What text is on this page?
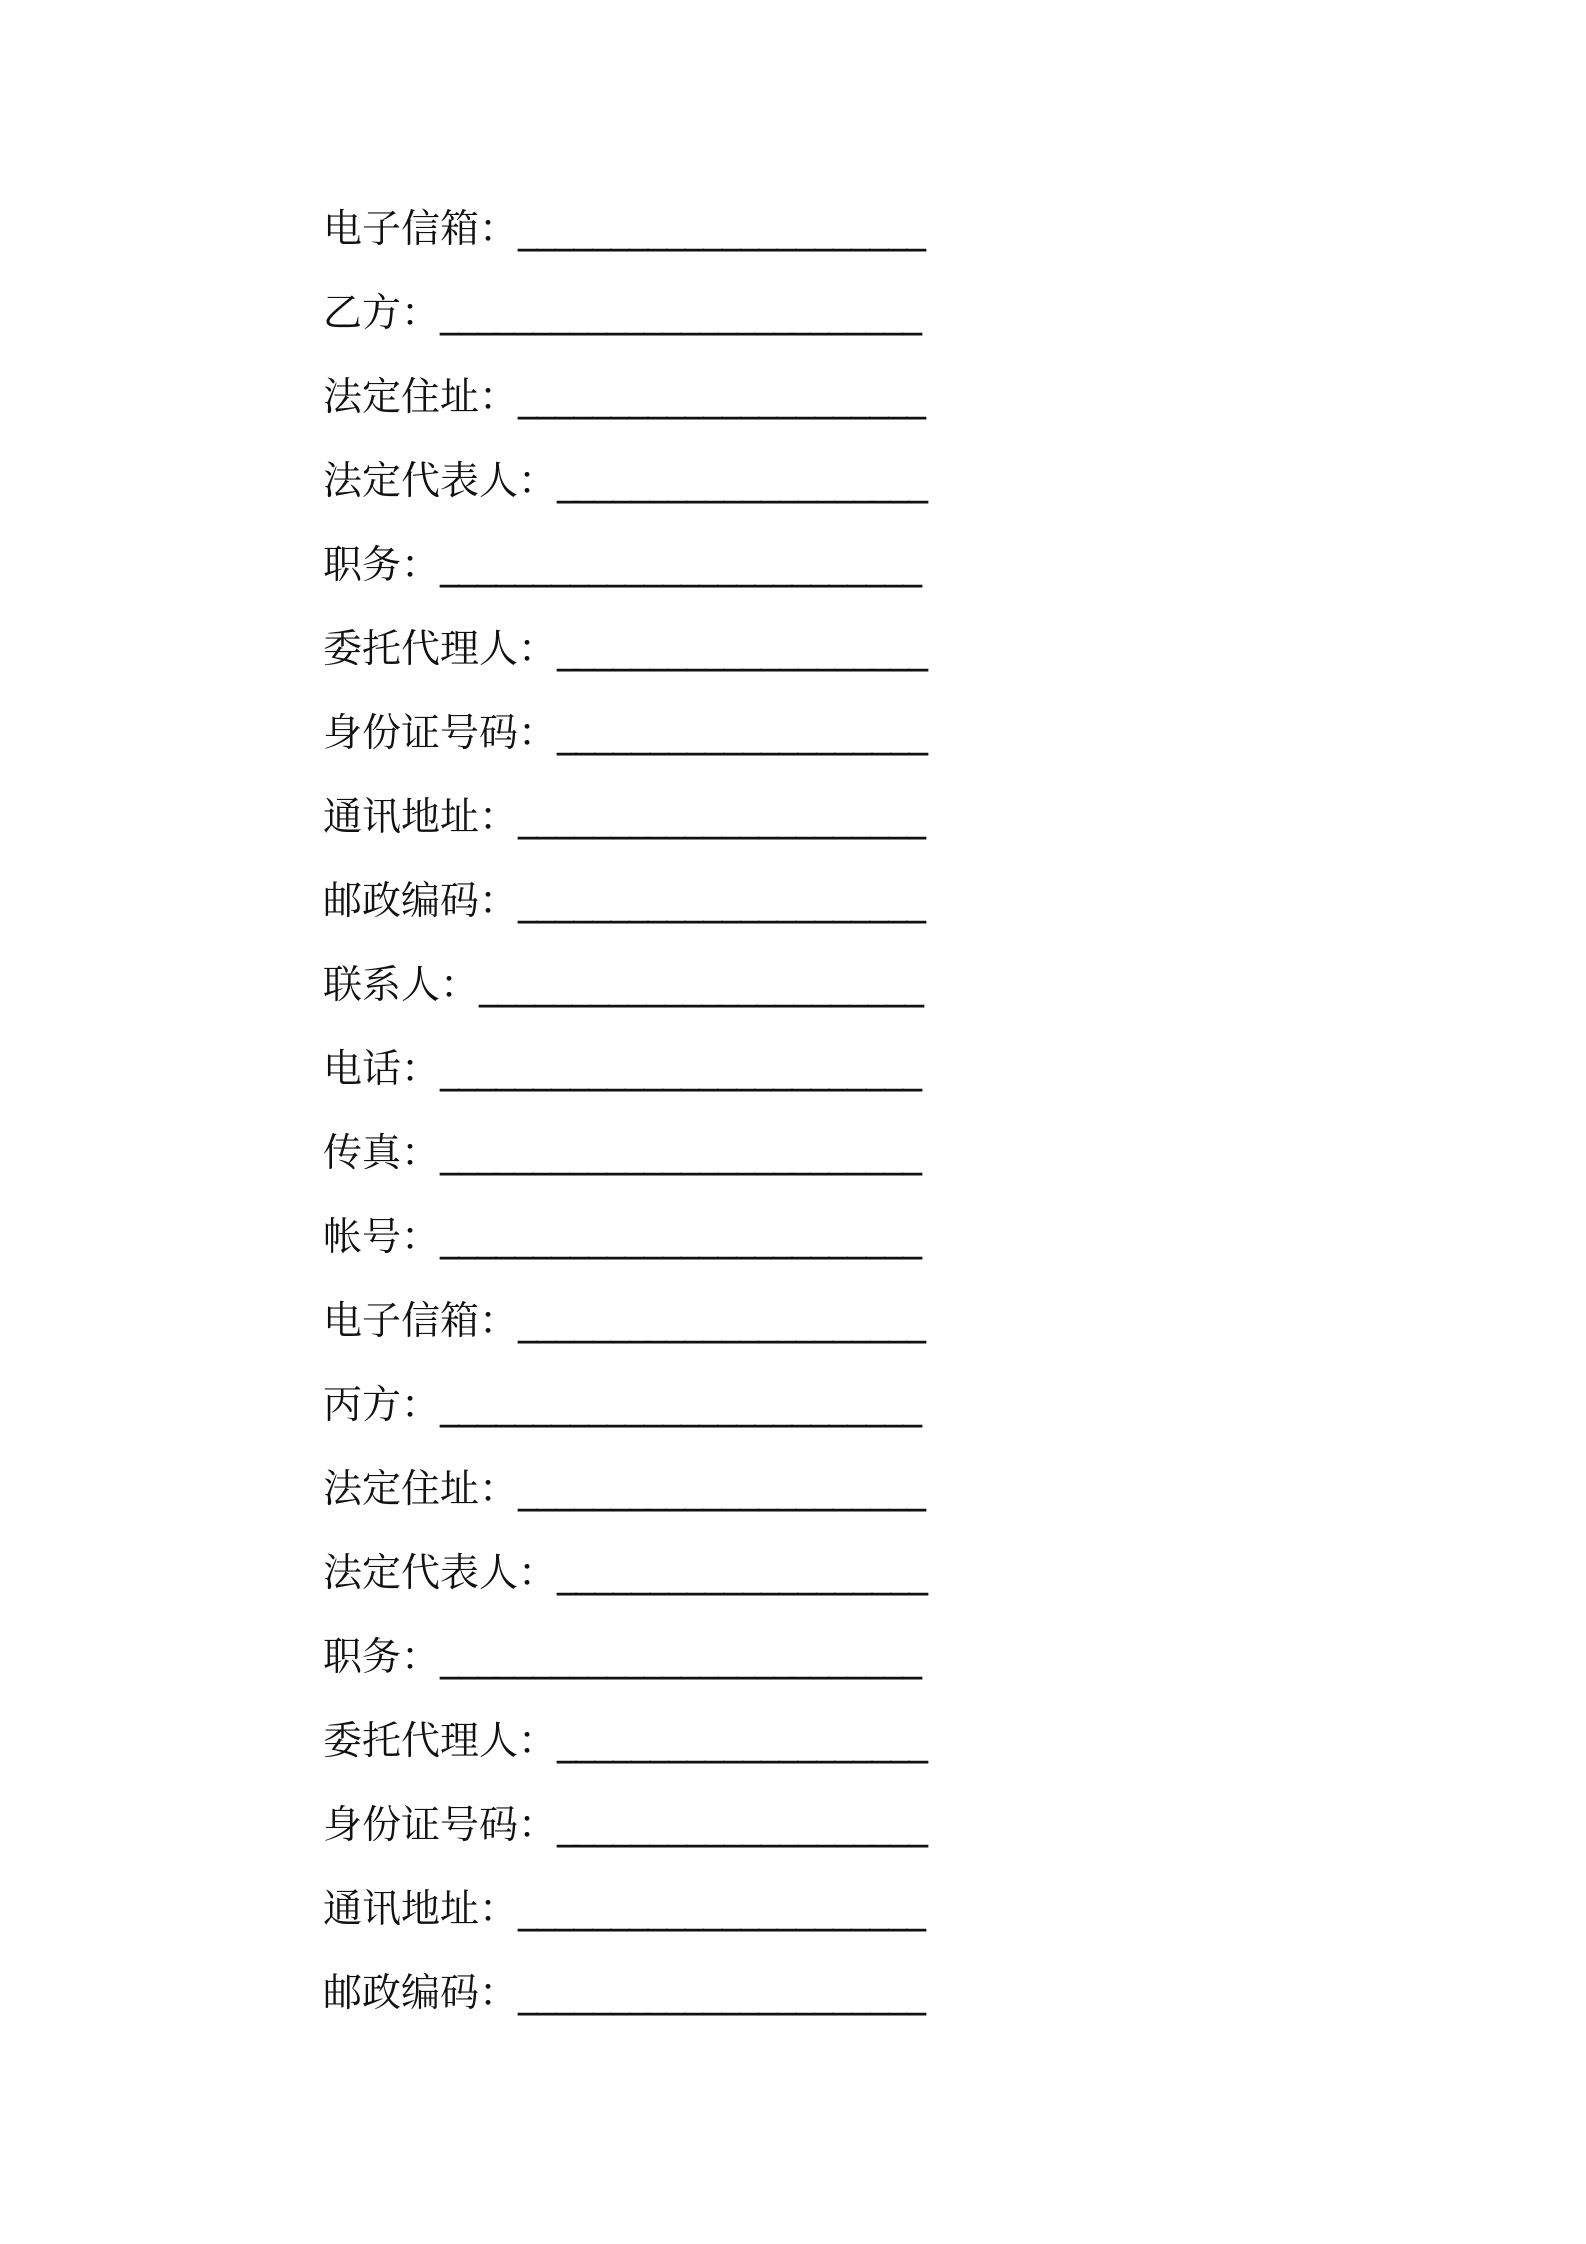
电子信箱： ______________________
乙方： __________________________
法定住址： ______________________
法定代表人： ____________________
职务： __________________________
委托代理人： ____________________
身份证号码： ____________________
通讯地址： ______________________
邮政编码： ______________________
联系人： ________________________
电话： __________________________
传真： __________________________
帐号： __________________________
电子信箱： ______________________
丙方： __________________________
法定住址： ______________________
法定代表人： ____________________
职务： __________________________
委托代理人： ____________________
身份证号码： ____________________
通讯地址： ______________________
邮政编码： ______________________
